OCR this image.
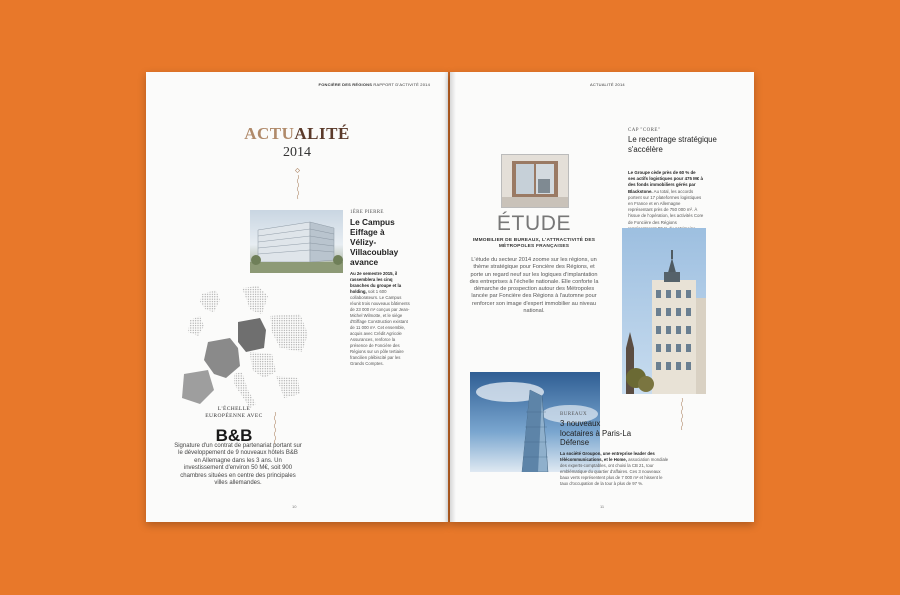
FONCIÈRE DES RÉGIONS RAPPORT D'ACTIVITÉ 2014
ACTUALITÉ
2014
1ÈRE PIERRE
Le Campus Eiffage à Vélizy-Villacoublay avance
Au 2e semestre 2015, il rassemblera les cinq branches du groupe et la holding, soit 1 600 collaborateurs. Le Campus réunit trois nouveaux bâtiments de 23 000 m² conçus par Jean-Michel Wilmotte, et le siège d'Eiffage Construction existant de 11 000 m². Cet ensemble, acquis avec Crédit Agricole Assurances, renforce la présence de Foncière des Régions sur un pôle tertiaire francilien plébiscité par les Grands Comptes.
L'ÉCHELLE EUROPÉENNE AVEC
B&B
Signature d'un contrat de partenariat portant sur le développement de 9 nouveaux hôtels B&B en Allemagne dans les 3 ans. Un investissement d'environ 50 M€, soit 900 chambres situées en centre des principales villes allemandes.
10
ACTUALITÉ 2014
ÉTUDE
IMMOBILIER DE BUREAUX, L'ATTRACTIVITÉ DES MÉTROPOLES FRANÇAISES
L'étude du secteur 2014 zoome sur les régions, un thème stratégique pour Foncière des Régions, et porte un regard neuf sur les logiques d'implantation des entreprises à l'échelle nationale. Elle conforte la démarche de prospection autour des Métropoles lancée par Foncière des Régions à l'automne pour renforcer son image d'expert immobilier au niveau national.
CAP "CORE"
Le recentrage stratégique s'accélère
Le Groupe cède près de 60 % de ses actifs logistiques pour 475 M€ à des fonds immobiliers gérés par Blackstone. Au total, les accords portent sur 17 plateformes logistiques en France et en Allemagne représentant près de 750 000 m². À l'issue de l'opération, les activités Core de Foncière des Régions
BUREAUX
3 nouveaux locataires à Paris-La Défense
La société Groupon, une entreprise leader des télécommunications, et le Home, association mondiale des experts-comptables, ont choisi la CB 21, tour emblématique du quartier d'affaires. Ces 3 nouveaux baux verts représentent plus de 7 000 m² et hissent le taux d'occupation de la tour à plus de 97 %.
11
